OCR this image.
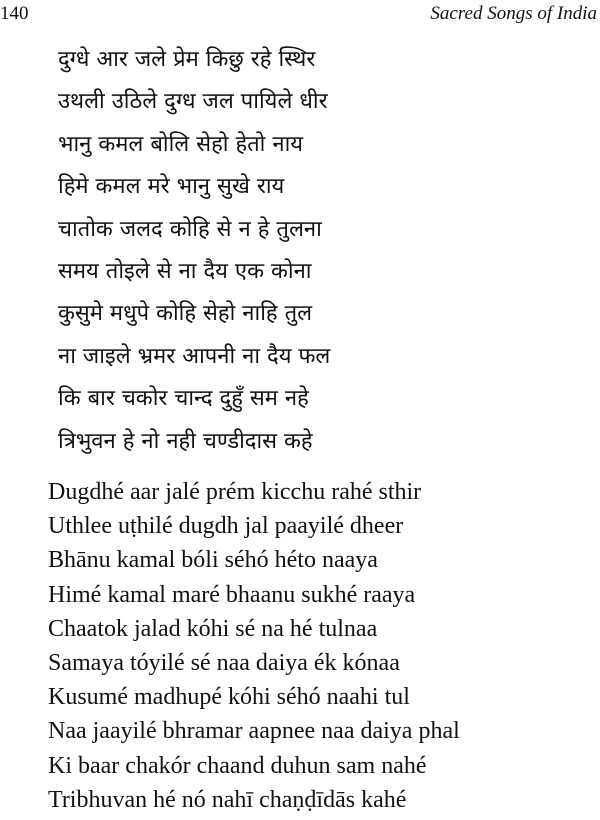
140	Sacred Songs of India
दुग्धे आर जले प्रेम किछु रहे स्थिर
उथली उठिले दुग्ध जल पायिले धीर
भानु कमल बोलि सेहो हेतो नाय
हिमे कमल मरे भानु सुखे राय
चातोक जलद कोहि से न हे तुलना
समय तोइले से ना दैय एक कोना
कुसुमे मधुपे कोहि सेहो नाहि तुल
ना जाइले भ्रमर आपनी ना दैय फल
कि बार चकोर चान्द दुहुँ सम नहे
त्रिभुवन हे नो नही चण्डीदास कहे
Dugdhé aar jalé prém kicchu rahé sthir
Uthlee uṭhilé dugdh jal paayilé dheer
Bhānu kamal bóli séhó héto naaya
Himé kamal maré bhaanu sukhé raaya
Chaatok jalad kóhi sé na hé tulnaa
Samaya tóyilé sé naa daiya ék kónaa
Kusumé madhupé kóhi séhó naahi tul
Naa jaayilé bhramar aapnee naa daiya phal
Ki baar chakór chaand duhun sam nahé
Tribhuvan hé nó nahī chaṇḍīdās kahé
